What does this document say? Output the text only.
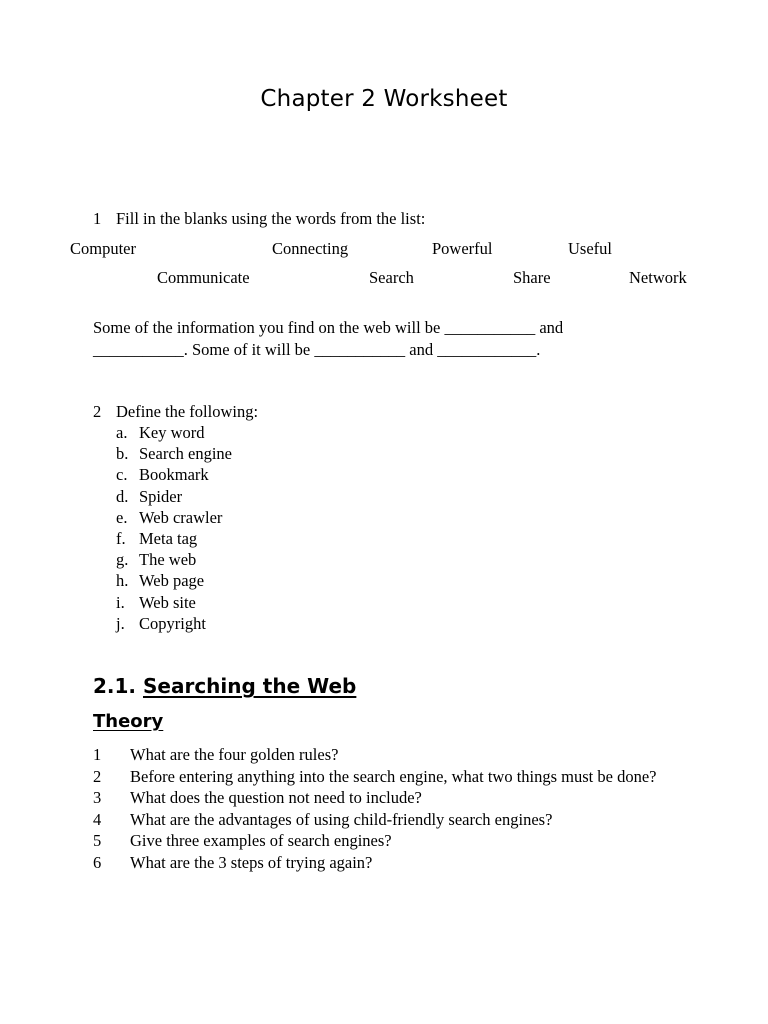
Chapter 2 Worksheet
1 Fill in the blanks using the words from the list:
Computer	Connecting	Powerful	Useful
Communicate	Search	Share	Network
Some of the information you find on the web will be ___________ and
___________. Some of it will be ___________ and ____________.
2 Define the following:
a. Key word
b. Search engine
c. Bookmark
d. Spider
e. Web crawler
f. Meta tag
g. The web
h. Web page
i. Web site
j. Copyright
2.1. Searching the Web
Theory
1	What are the four golden rules?
2	Before entering anything into the search engine, what two things must be done?
3	What does the question not need to include?
4	What are the advantages of using child-friendly search engines?
5	Give three examples of search engines?
6	What are the 3 steps of trying again?
